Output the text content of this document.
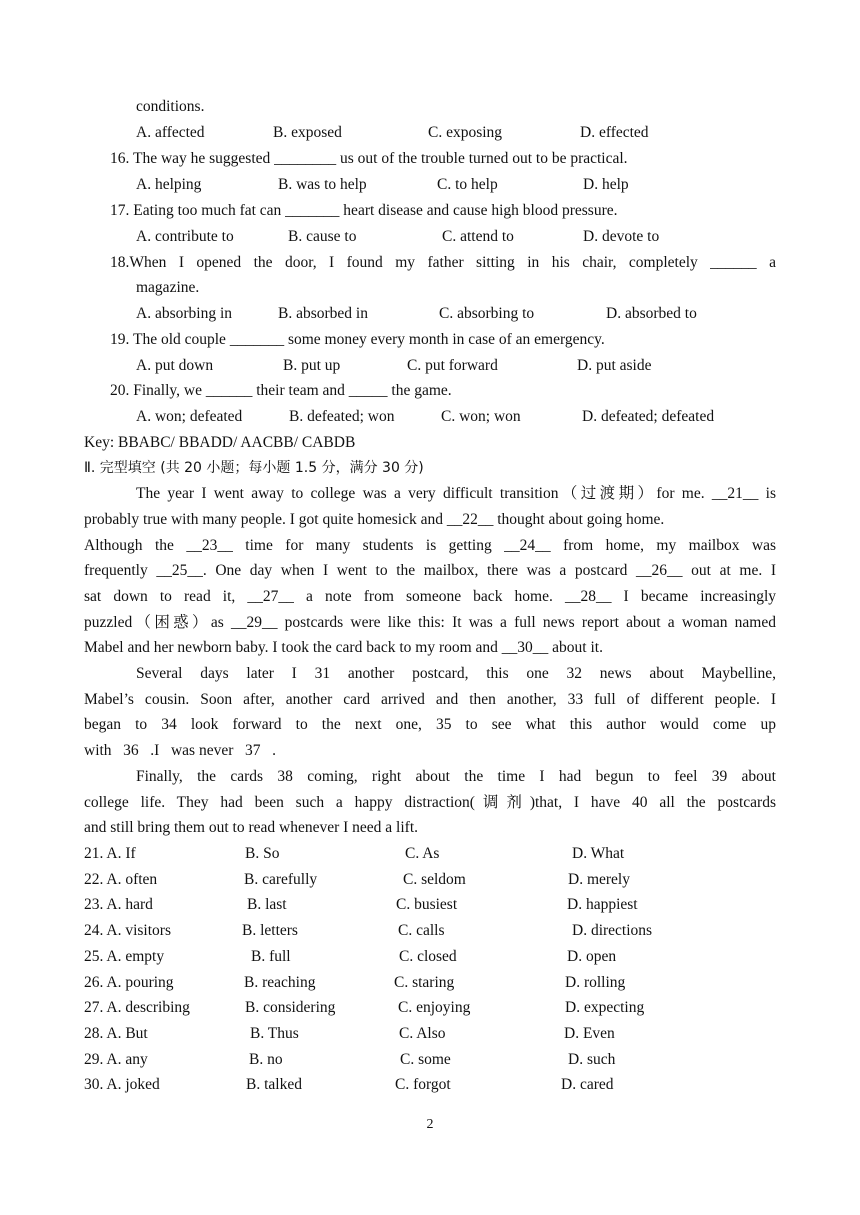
conditions.
A. affected	B. exposed	C. exposing	D. effected
16. The way he suggested ________ us out of the trouble turned out to be practical.
A. helping	B. was to help	C. to help	D. help
17. Eating too much fat can _______ heart disease and cause high blood pressure.
A. contribute to	B. cause to	C. attend to	D. devote to
18.When I opened the door, I found my father sitting in his chair, completely ______ a
magazine.
A. absorbing in	B. absorbed in	C. absorbing to	D. absorbed to
19. The old couple _______ some money every month in case of an emergency.
A. put down	B. put up	C. put forward	D. put aside
20. Finally, we ______ their team and _____ the game.
A. won; defeated	B. defeated; won	C. won; won	D. defeated; defeated
Key: BBABC/ BBADD/ AACBB/ CABDB
Ⅱ. 完型填空 (共 20 小题；每小题 1.5 分，满分 30 分)
The year I went away to college was a very difficult transition（过渡期）for me. __21__ is
probably true with many people. I got quite homesick and __22__ thought about going home.
Although the __23__ time for many students is getting __24__ from home, my mailbox was
frequently __25__. One day when I went to the mailbox, there was a postcard __26__ out at me. I
sat down to read it, __27__ a note from someone back home. __28__ I became increasingly
puzzled（困惑）as __29__ postcards were like this: It was a full news report about a woman named
Mabel and her newborn baby. I took the card back to my room and __30__ about it.
Several days later I 31 another postcard, this one 32 news about Maybelline,
Mabel’s cousin. Soon after, another card arrived and then another, 33 full of different people. I
began to 34 look forward to the next one, 35 to see what this author would come up
with   36   .I   was never   37   .
Finally, the cards 38 coming, right about the time I had begun to feel 39 about
college life. They had been such a happy distraction(调剂)that, I have 40 all the postcards
and still bring them out to read whenever I need a lift.
21. A. If	B. So	C. As	D. What
22. A. often	B. carefully	C. seldom	D. merely
23. A. hard	B. last	C. busiest	D. happiest
24. A. visitors	B. letters	C. calls	D. directions
25. A. empty	B. full	C. closed	D. open
26. A. pouring	B. reaching	C. staring	D. rolling
27. A. describing	B. considering	C. enjoying	D. expecting
28. A. But	B. Thus	C. Also	D. Even
29. A. any	B. no	C. some	D. such
30. A. joked	B. talked	C. forgot	D. cared
2
